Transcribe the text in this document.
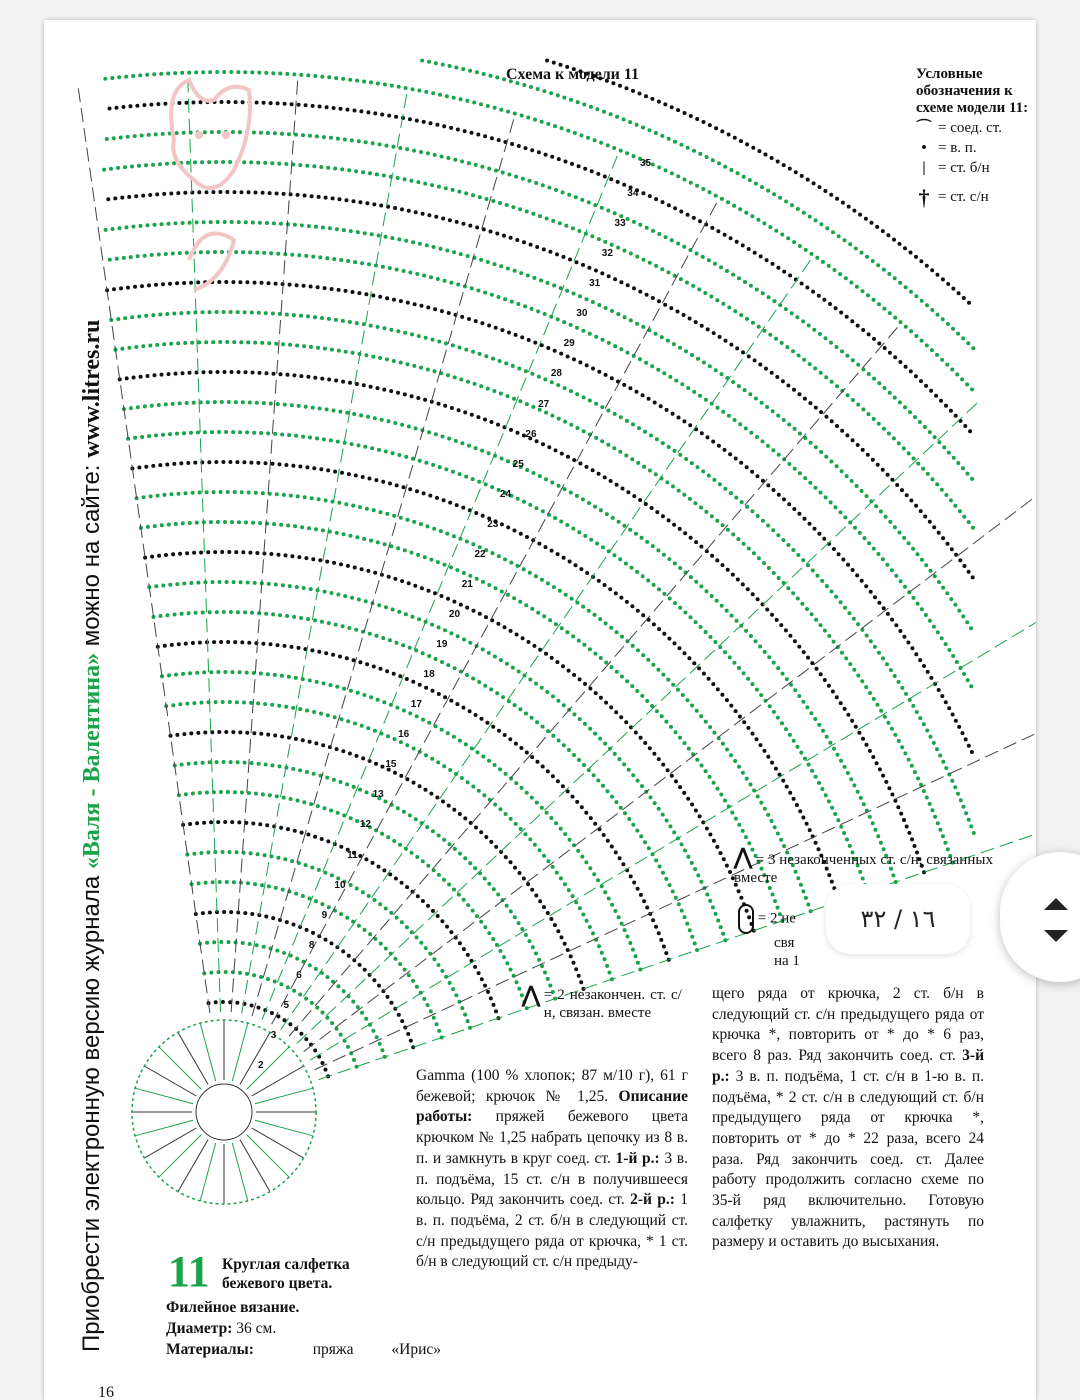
Схема к модели 11	Условные обозначения к схеме модели 11:
⌒ = соед. ст.
• = в. п.
| = ст. б/н
† = ст. с/н
⋀ = 3 незаконченных ст. с/н, связанных вместе
= 2 не
свя
на 1
⋀ = 2 незакончен. ст. с/н, связан. вместе
Приобрести электронную версию журнала «Валя - Валентина» можно на сайте: www.litres.ru
11 Круглая салфетка бежевого цвета.
Филейное вязание.
Диаметр: 36 см.
Материалы:	пряжа «Ирис»
Gamma (100 % хлопок; 87 м/10 г), 61 г бежевой; крючок № 1,25. Описание работы: пряжей бежевого цвета крючком № 1,25 набрать цепочку из 8 в. п. и замкнуть в круг соед. ст. 1-й р.: 3 в. п. подъёма, 15 ст. с/н в получившееся кольцо. Ряд закончить соед. ст. 2-й р.: 1 в. п. подъёма, 2 ст. б/н в следующий ст. с/н предыдущего ряда от крючка, * 1 ст. б/н в следующий ст. с/н предыду-
щего ряда от крючка, 2 ст. б/н в следующий ст. с/н предыдущего ряда от крючка *, повторить от * до * 6 раз, всего 8 раз. Ряд закончить соед. ст. 3-й р.: 3 в. п. подъёма, 1 ст. с/н в 1-ю в. п. подъёма, * 2 ст. с/н в следующий ст. б/н предыдущего ряда от крючка *, повторить от * до * 22 раза, всего 24 раза. Ряд закончить соед. ст. Далее работу продолжить согласно схеме по 35-й ряд включительно. Готовую салфетку увлажнить, растянуть по размеру и оставить до высыхания.
16
2
3
5
6
8
9
10
11
12
13
15
16
17
18
19
20
21
22
23
24
25
26
27
28
29
30
31
32
33
34
35
۳۲ / ۱٦
